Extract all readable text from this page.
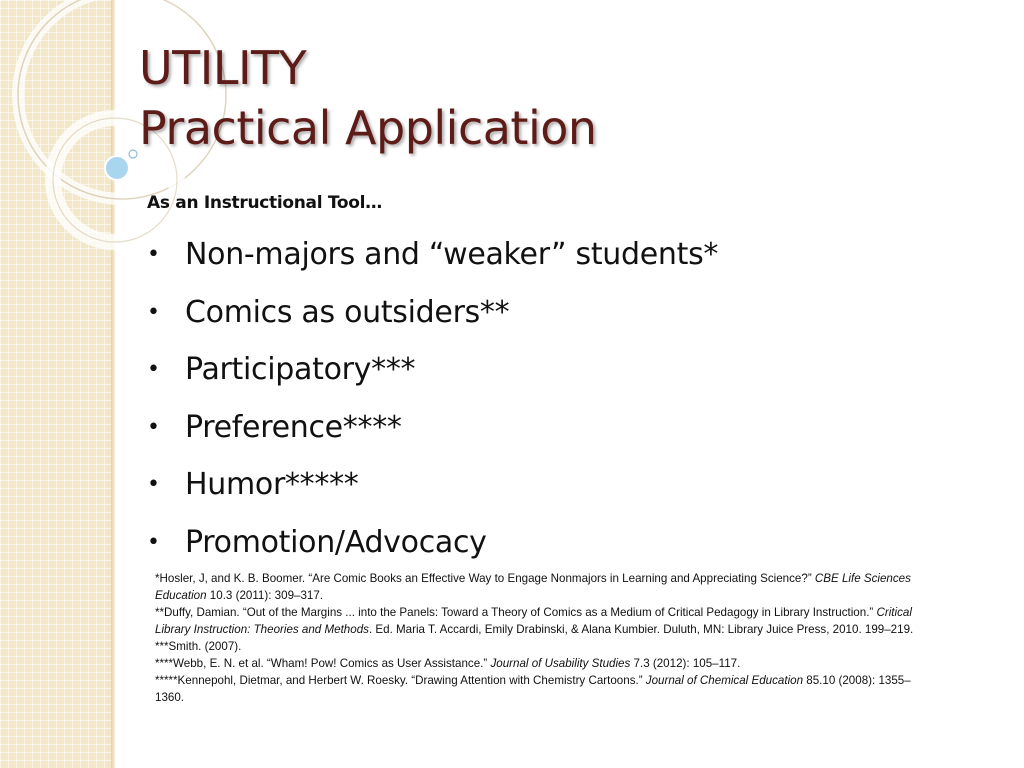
UTILITY
Practical Application
As an Instructional Tool…
• Non-majors and “weaker” students*
• Comics as outsiders**
• Participatory***
• Preference****
• Humor*****
• Promotion/Advocacy

*Hosler, J, and K. B. Boomer. “Are Comic Books an Effective Way to Engage Nonmajors in Learning and Appreciating Science?” CBE Life Sciences Education 10.3 (2011): 309–317.

**Duffy, Damian. “Out of the Margins ... into the Panels: Toward a Theory of Comics as a Medium of Critical Pedagogy in Library Instruction.” Critical Library Instruction: Theories and Methods. Ed. Maria T. Accardi, Emily Drabinski, & Alana Kumbier. Duluth, MN: Library Juice Press, 2010. 199–219.

***Smith. (2007).

****Webb, E. N. et al. “Wham! Pow! Comics as User Assistance.” Journal of Usability Studies 7.3 (2012): 105–117.

*****Kennepohl, Dietmar, and Herbert W. Roesky. “Drawing Attention with Chemistry Cartoons.” Journal of Chemical Education 85.10 (2008): 1355–1360.
